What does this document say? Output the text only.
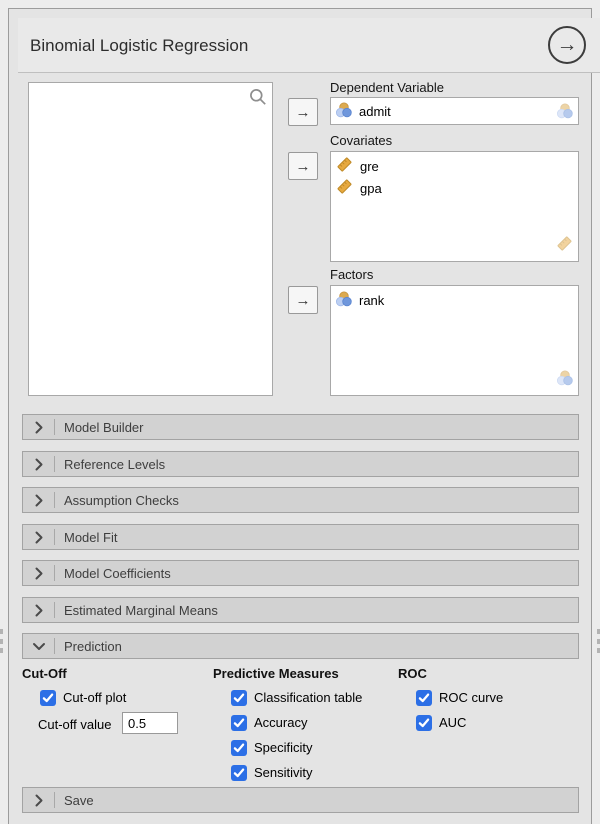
Binomial Logistic Regression	→
→
→
→
Dependent Variable
admit
Covariates
gre
gpa
Factors
rank
Model Builder
Reference Levels
Assumption Checks
Model Fit
Model Coefficients
Estimated Marginal Means
Prediction
Cut-Off	Predictive Measures	ROC
Cut-off plot
Cut-off value
0.5
Classification table
Accuracy
Specificity
Sensitivity
ROC curve
AUC
Save
